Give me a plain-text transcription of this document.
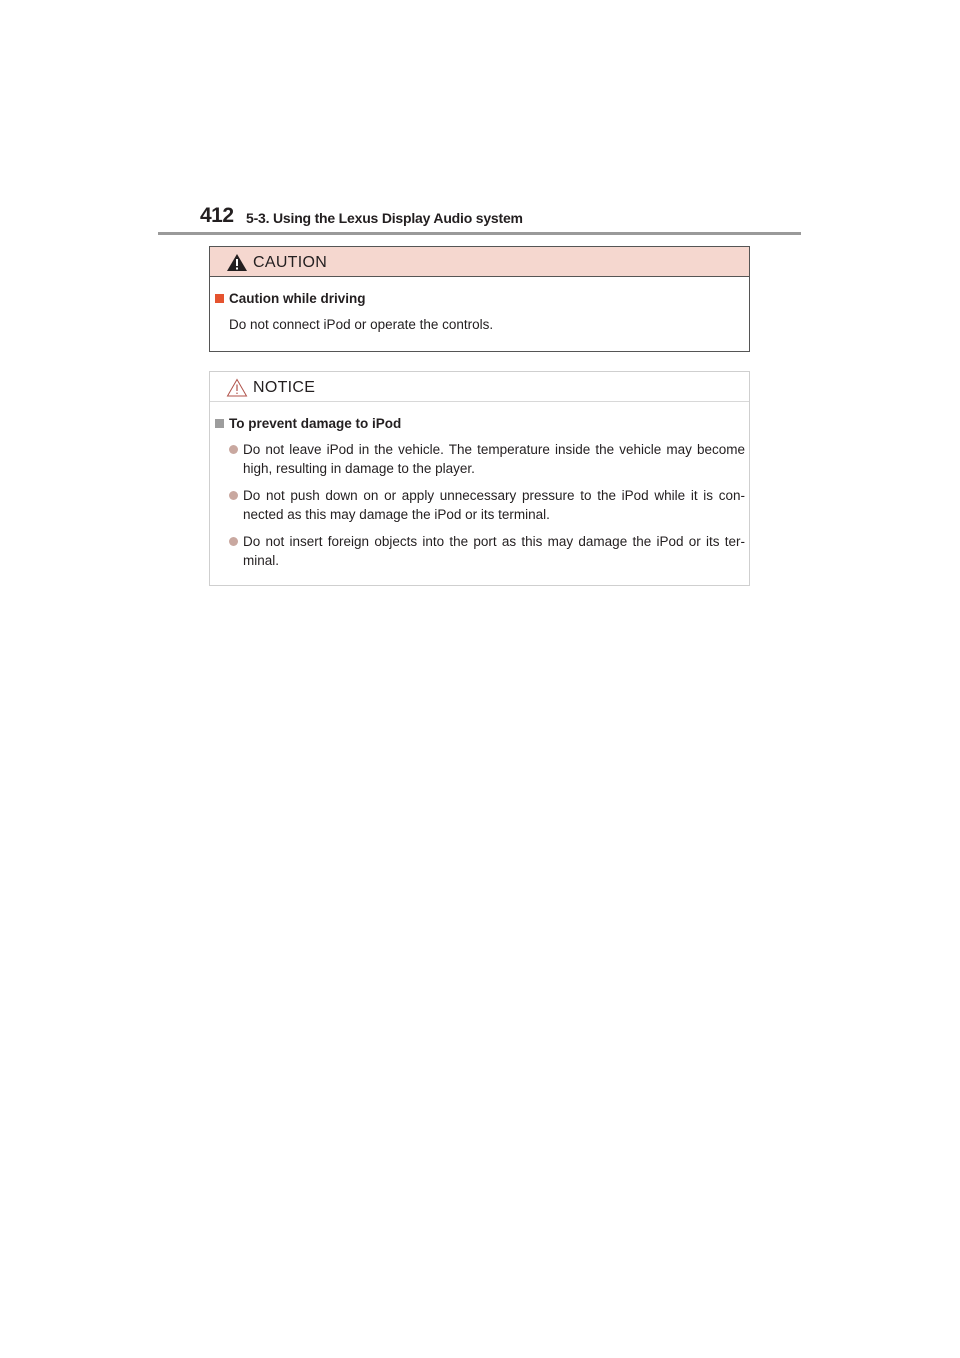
412 5-3. Using the Lexus Display Audio system
CAUTION
Caution while driving
Do not connect iPod or operate the controls.
NOTICE
To prevent damage to iPod
Do not leave iPod in the vehicle. The temperature inside the vehicle may become high, resulting in damage to the player.
Do not push down on or apply unnecessary pressure to the iPod while it is con-nected as this may damage the iPod or its terminal.
Do not insert foreign objects into the port as this may damage the iPod or its ter-minal.
